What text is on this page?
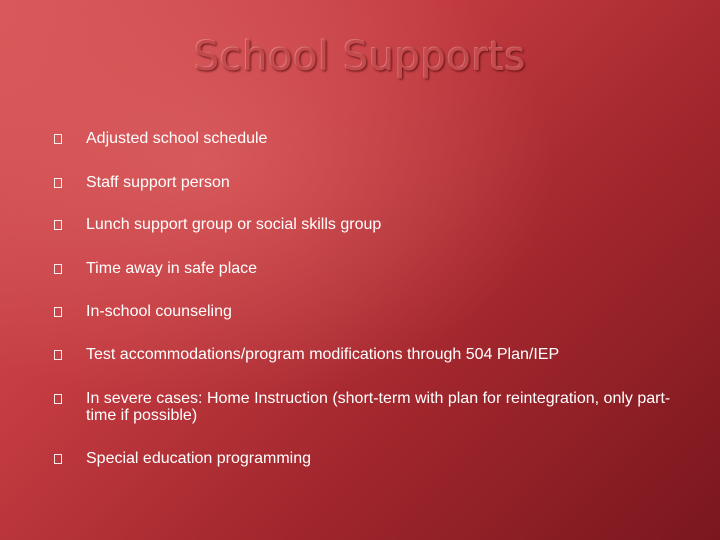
School Supports
Adjusted school schedule
Staff support person
Lunch support group or social skills group
Time away in safe place
In-school counseling
Test accommodations/program modifications through 504 Plan/IEP
In severe cases: Home Instruction (short-term with plan for reintegration, only part-time if possible)
Special education programming
